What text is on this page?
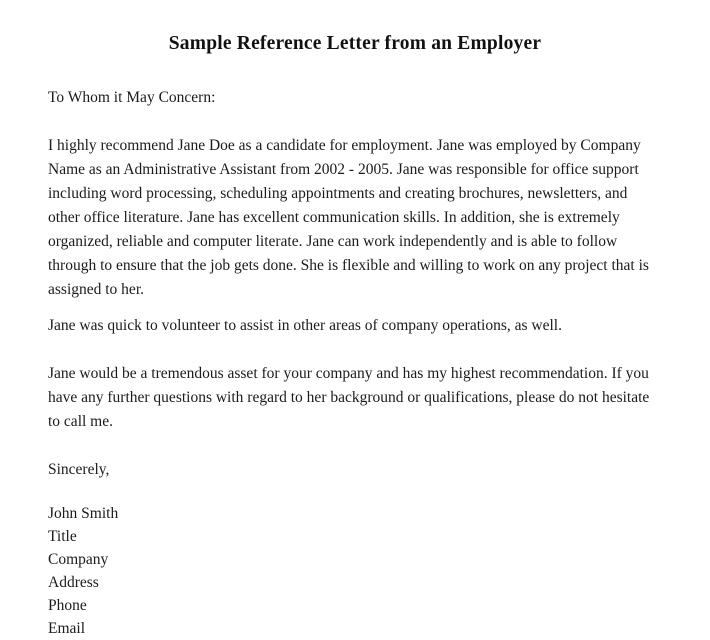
Sample Reference Letter from an Employer

To Whom it May Concern:

I highly recommend Jane Doe as a candidate for employment. Jane was employed by Company Name as an Administrative Assistant from 2002 - 2005. Jane was responsible for office support including word processing, scheduling appointments and creating brochures, newsletters, and other office literature. Jane has excellent communication skills. In addition, she is extremely organized, reliable and computer literate. Jane can work independently and is able to follow through to ensure that the job gets done. She is flexible and willing to work on any project that is assigned to her.

Jane was quick to volunteer to assist in other areas of company operations, as well.

Jane would be a tremendous asset for your company and has my highest recommendation. If you have any further questions with regard to her background or qualifications, please do not hesitate to call me.

Sincerely,

John Smith

Title

Company

Address

Phone

Email
